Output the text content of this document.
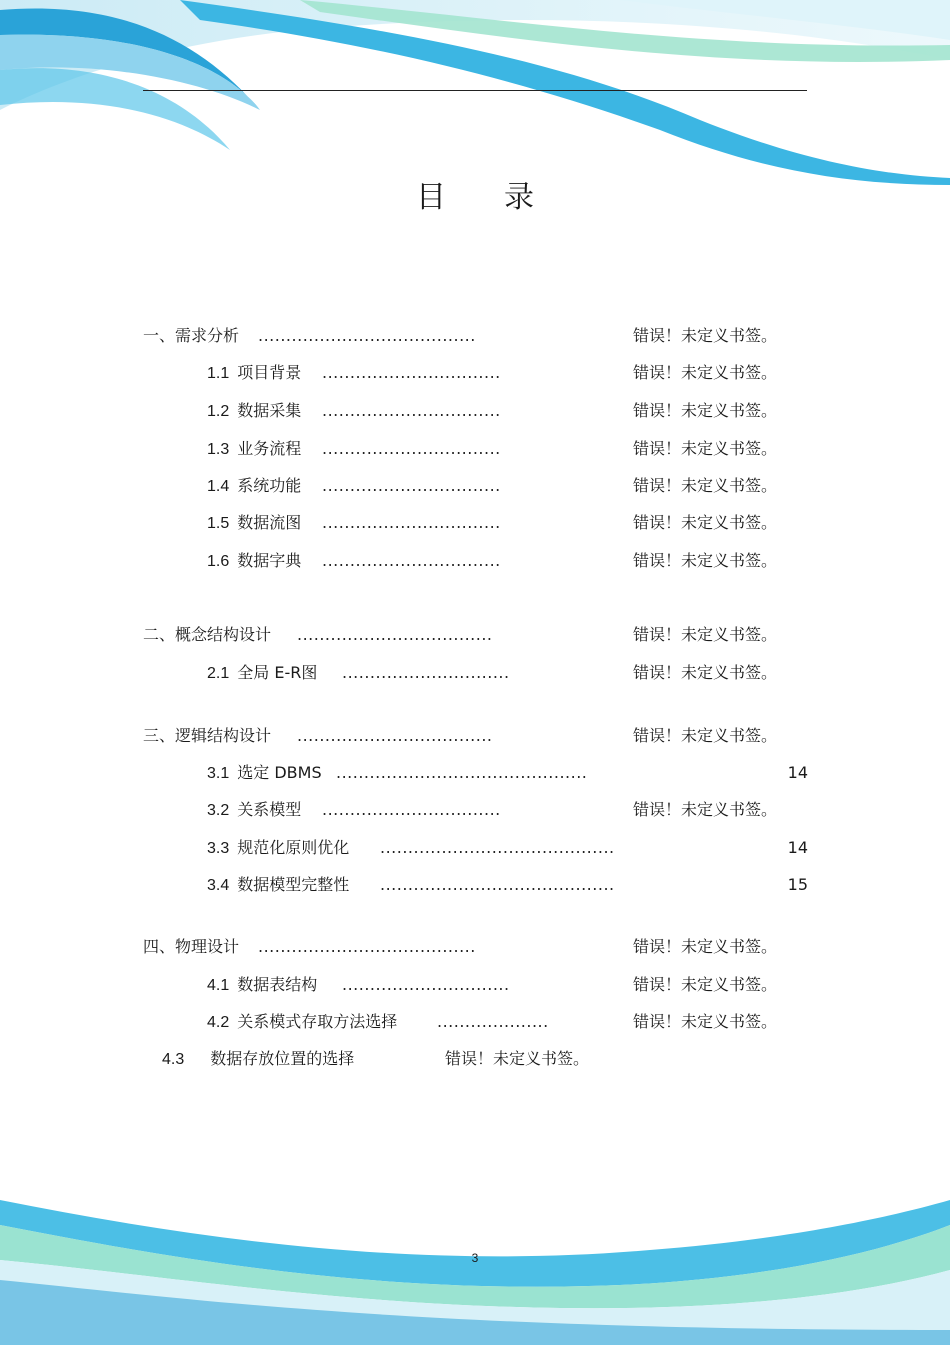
目 录
一、需求分析 .......................................	错误！未定义书签。
1.1 项目背景 ................................	错误！未定义书签。
1.2 数据采集 ................................	错误！未定义书签。
1.3 业务流程 ................................	错误！未定义书签。
1.4 系统功能 ................................	错误！未定义书签。
1.5 数据流图 ................................	错误！未定义书签。
1.6 数据字典 ................................	错误！未定义书签。
二、概念结构设计 ...................................	错误！未定义书签。
2.1 全局 E-R图 ..............................	错误！未定义书签。
三、逻辑结构设计 ...................................	错误！未定义书签。
3.1 选定 DBMS .............................................	14
3.2 关系模型 ................................	错误！未定义书签。
3.3 规范化原则优化 ..........................................	14
3.4 数据模型完整性 ..........................................	15
四、物理设计 .......................................	错误！未定义书签。
4.1 数据表结构 ..............................	错误！未定义书签。
4.2 关系模式存取方法选择 ....................	错误！未定义书签。
4.3 数据存放位置的选择	错误！未定义书签。
3
